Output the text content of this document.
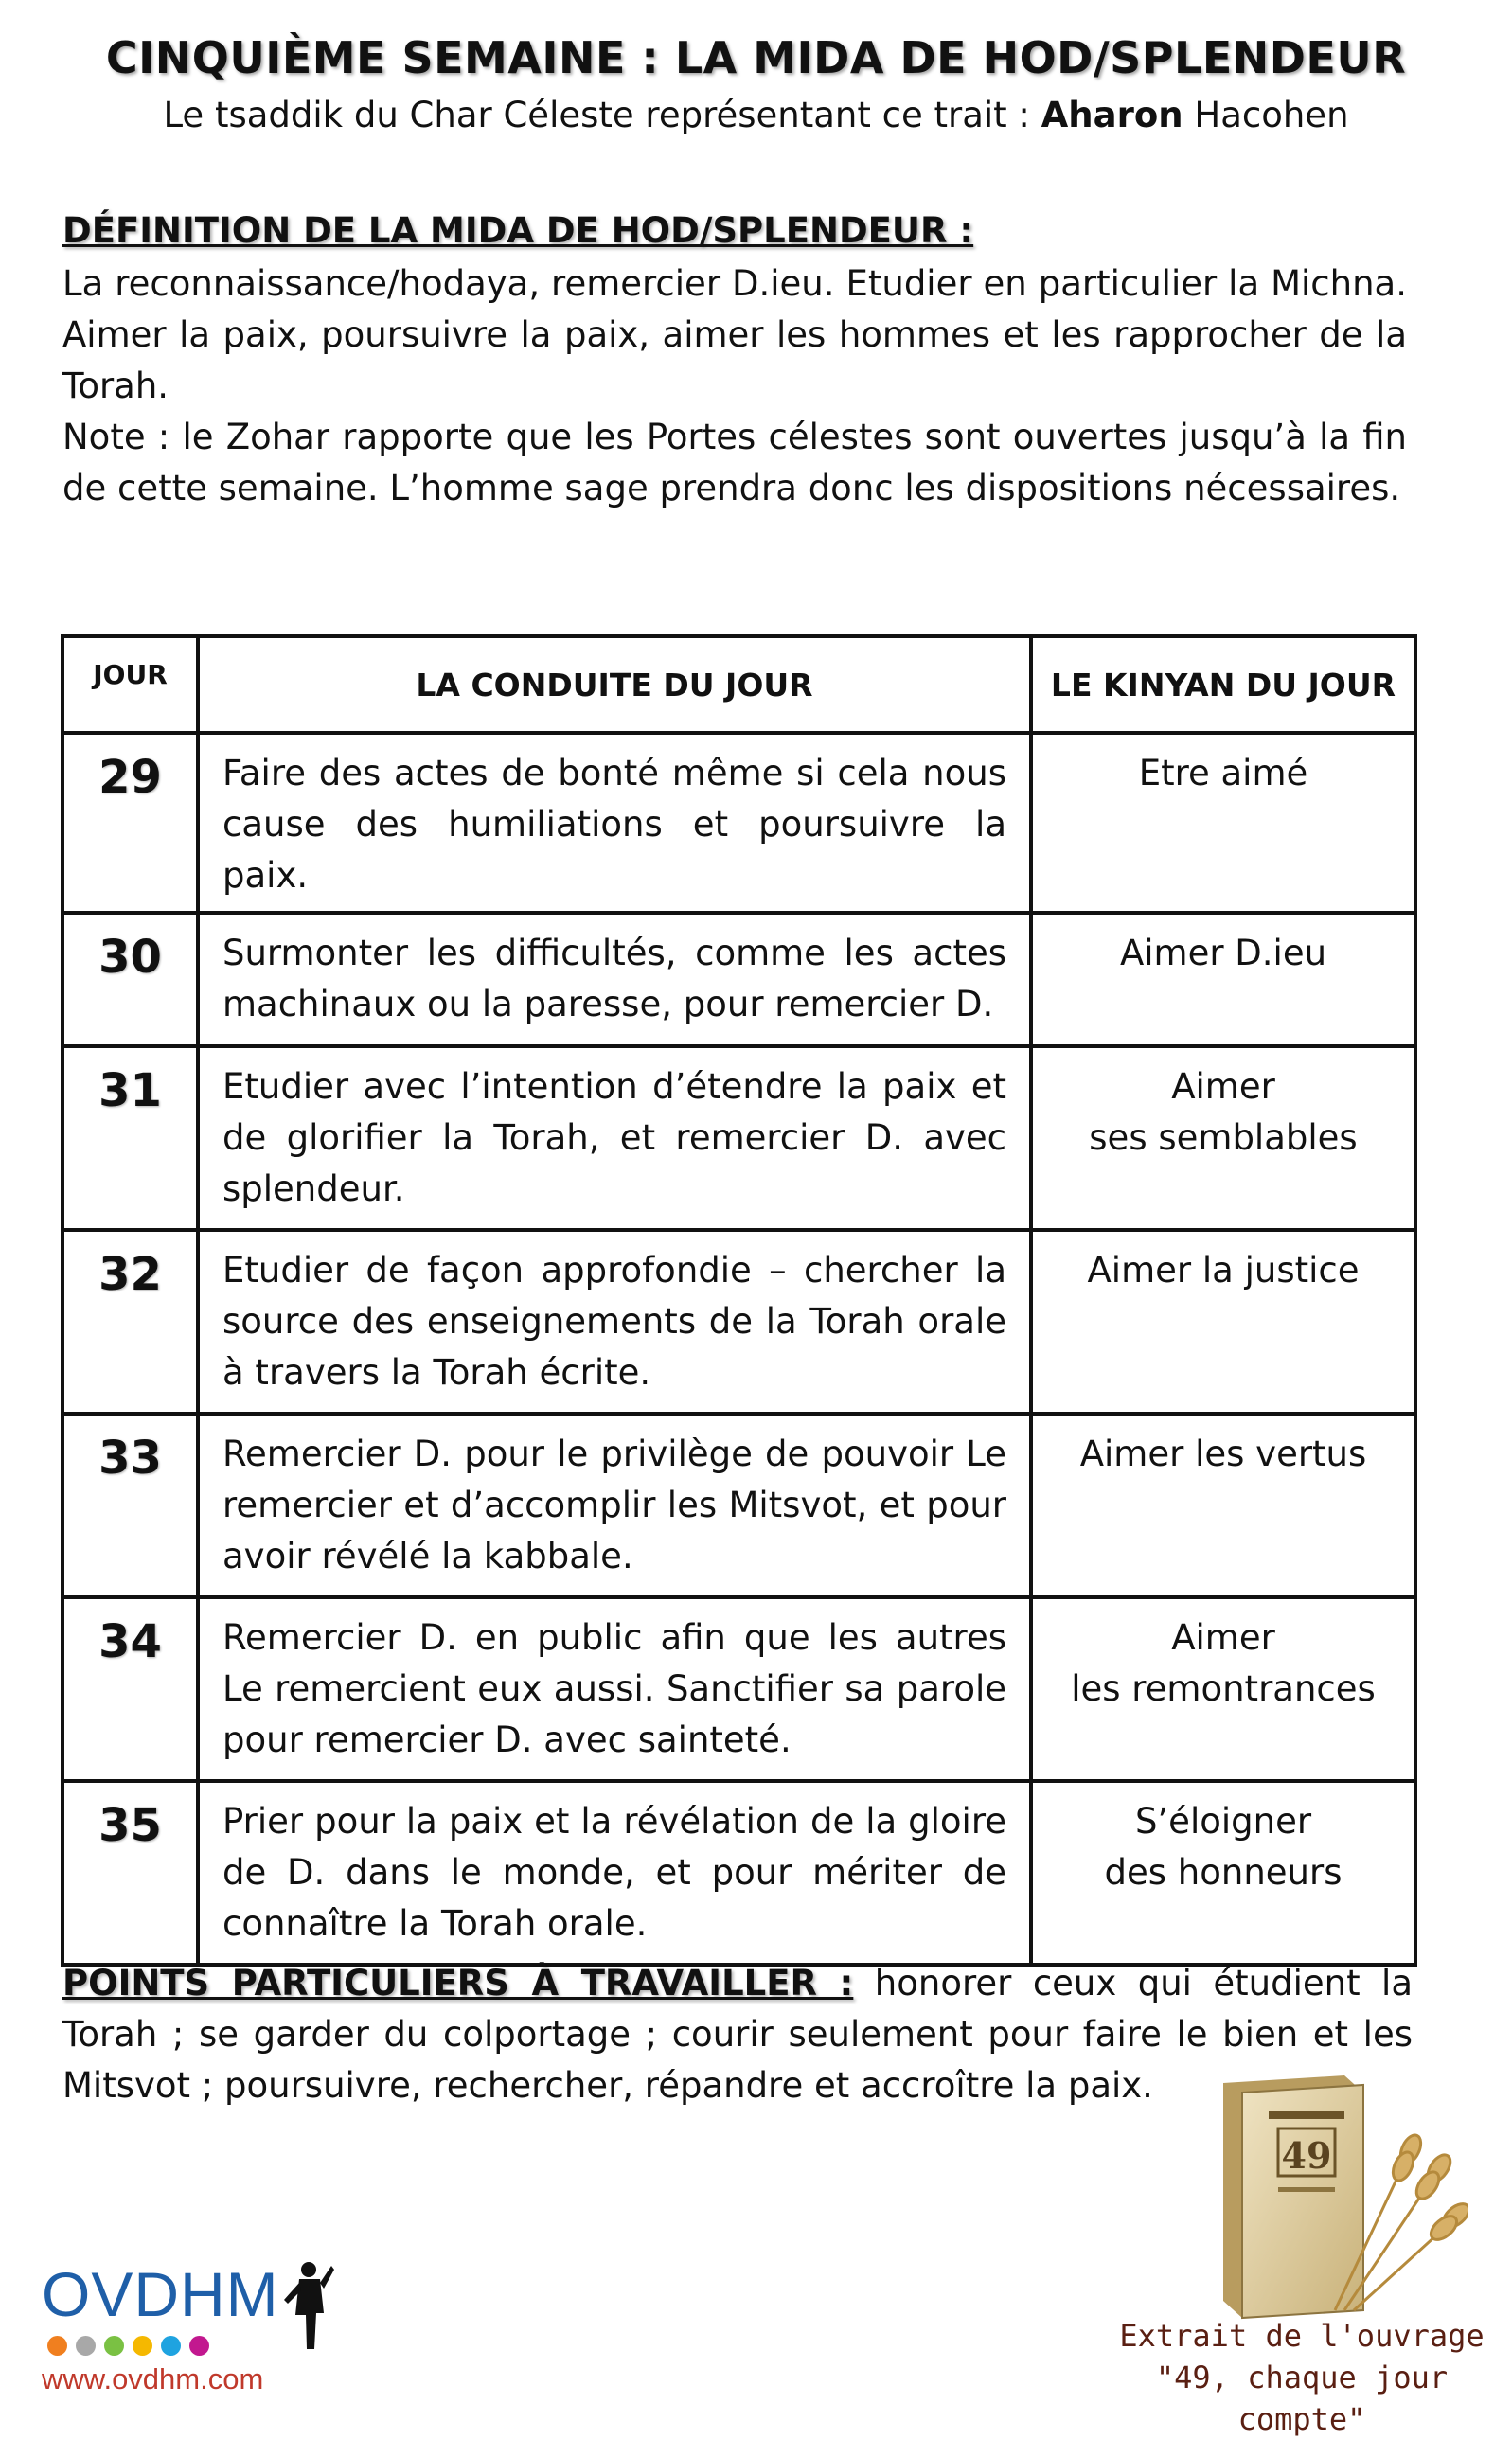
CINQUIÈME SEMAINE : LA MIDA DE HOD/SPLENDEUR
Le tsaddik du Char Céleste représentant ce trait : Aharon Hacohen
DÉFINITION DE LA MIDA DE HOD/SPLENDEUR :

La reconnaissance/hodaya, remercier D.ieu. Etudier en particulier la Michna. Aimer la paix, poursuivre la paix, aimer les hommes et les rapprocher de la Torah.

Note : le Zohar rapporte que les Portes célestes sont ouvertes jusqu’à la fin de cette semaine. L’homme sage prendra donc les dispositions nécessaires.

JOUR	LA CONDUITE DU JOUR	LE KINYAN DU JOUR
29	Faire des actes de bonté même si cela nous cause des humiliations et poursuivre la paix.	Etre aimé

30	Surmonter les difficultés, comme les actes machinaux ou la paresse, pour remercier D.	Aimer D.ieu

31	Etudier avec l’intention d’étendre la paix et de glorifier la Torah, et remercier D. avec splendeur.	Aimer
ses semblables

32	Etudier de façon approfondie – chercher la source des enseignements de la Torah orale à travers la Torah écrite.	Aimer la justice

33	Remercier D. pour le privilège de pouvoir Le remercier et d’accomplir les Mitsvot, et pour avoir révélé la kabbale.	Aimer les vertus

34	Remercier D. en public afin que les autres Le remercient eux aussi. Sanctifier sa parole pour remercier D. avec sainteté.	Aimer
les remontrances

35	Prier pour la paix et la révélation de la gloire de D. dans le monde, et pour mériter de connaître la Torah orale.	S’éloigner
des honneurs
POINTS PARTICULIERS À TRAVAILLER : honorer ceux qui étudient la Torah ; se garder du colportage ; courir seulement pour faire le bien et les Mitsvot ; poursuivre, rechercher, répandre et accroître la paix.
OVDHM
www.ovdhm.com
49
Extrait de l'ouvrage
"49, chaque jour compte"
